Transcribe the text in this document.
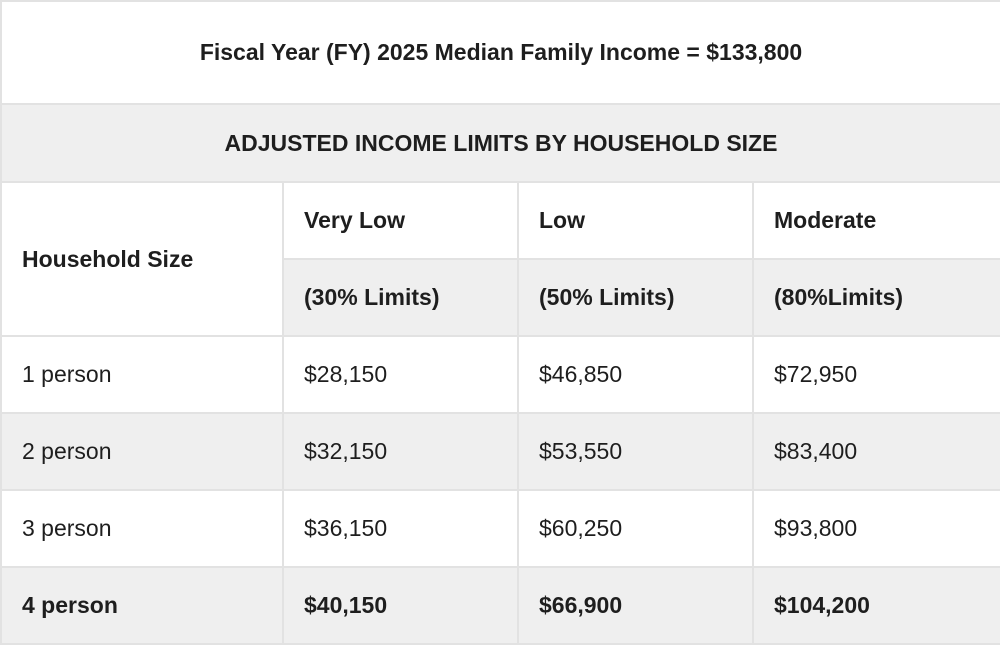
Fiscal Year (FY) 2025 Median Family Income = $133,800			
ADJUSTED INCOME LIMITS BY HOUSEHOLD SIZE			
Household Size	Very Low	Low	Moderate
	(30% Limits)	(50% Limits)	(80%Limits)
1 person	$28,150	$46,850	$72,950
2 person	$32,150	$53,550	$83,400
3 person	$36,150	$60,250	$93,800
4 person	$40,150	$66,900	$104,200
